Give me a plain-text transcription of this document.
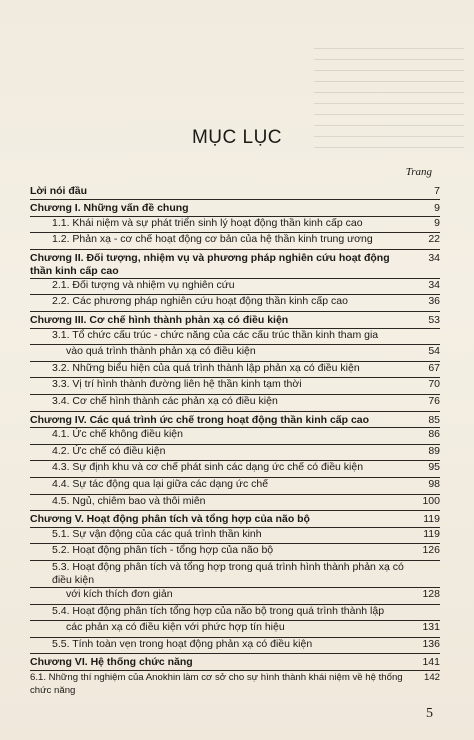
MỤC LỤC
Trang
Lời nói đầu	7
Chương I. Những vấn đề chung	9
1.1. Khái niệm và sự phát triển sinh lý hoạt động thần kinh cấp cao	9
1.2. Phản xạ - cơ chế hoạt động cơ bản của hệ thần kinh trung ương	22
Chương II. Đối tượng, nhiệm vụ và phương pháp nghiên cứu hoạt động thần kinh cấp cao	34
2.1. Đối tượng và nhiệm vụ nghiên cứu	34
2.2. Các phương pháp nghiên cứu hoạt động thần kinh cấp cao	36
Chương III. Cơ chế hình thành phản xạ có điều kiện	53
3.1. Tổ chức cấu trúc - chức năng của các cấu trúc thần kinh tham gia	
vào quá trình thành phản xạ có điều kiện	54
3.2. Những biểu hiện của quá trình thành lập phản xạ có điều kiện	67
3.3. Vị trí hình thành đường liên hệ thần kinh tạm thời	70
3.4. Cơ chế hình thành các phản xạ có điều kiện	76
Chương IV. Các quá trình ức chế trong hoạt động thần kinh cấp cao	85
4.1. Ức chế không điều kiện	86
4.2. Ức chế có điều kiện	89
4.3. Sự định khu và cơ chế phát sinh các dạng ức chế có điều kiện	95
4.4. Sự tác động qua lại giữa các dạng ức chế	98
4.5. Ngủ, chiêm bao và thôi miên	100
Chương V. Hoạt động phân tích và tổng hợp của não bộ	119
5.1. Sự vận động của các quá trình thần kinh	119
5.2. Hoạt động phân tích - tổng hợp của não bộ	126
5.3. Hoạt động phân tích và tổng hợp trong quá trình hình thành phản xạ có điều kiện	
với kích thích đơn giản	128
5.4. Hoạt động phân tích tổng hợp của não bộ trong quá trình thành lập	
các phản xạ có điều kiện với phức hợp tín hiệu	131
5.5. Tính toàn vẹn trong hoạt động phản xạ có điều kiện	136
Chương VI. Hệ thống chức năng	141
6.1. Những thí nghiệm của Anokhin làm cơ sở cho sự hình thành khái niệm về hệ thống chức năng	142
5
